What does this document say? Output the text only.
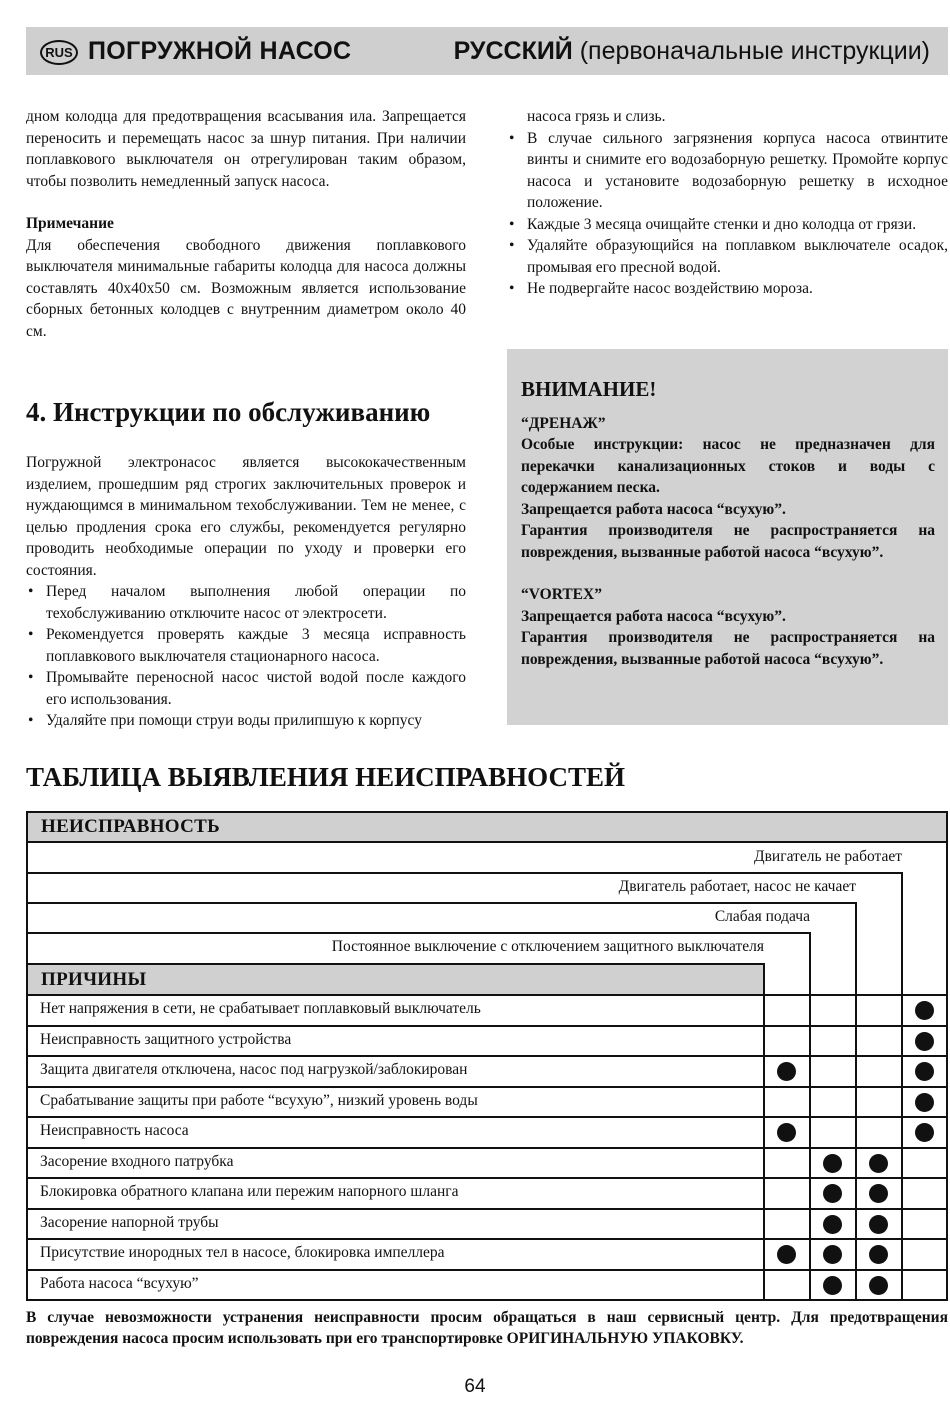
RUS ПОГРУЖНОЙ НАСОС	РУССКИЙ (первоначальные инструкции)

дном колодца для предотвращения всасывания ила. Запрещается переносить и перемещать насос за шнур питания. При наличии поплавкового выключателя он отрегулирован таким образом, чтобы позволить немедленный запуск насоса.

Примечание

Для обеспечения свободного движения поплавкового выключателя минимальные габариты колодца для насоса должны составлять 40x40x50 см. Возможным является использование сборных бетонных колодцев с внутренним диаметром около 40 см.

4. Инструкции по обслуживанию

Погружной электронасос является высококачественным изделием, прошедшим ряд строгих заключительных проверок и нуждающимся в минимальном техобслуживании. Тем не менее, с целью продления срока его службы, рекомендуется регулярно проводить необходимые операции по уходу и проверки его состояния.

• Перед началом выполнения любой операции по техобслуживанию отключите насос от электросети.
• Рекомендуется проверять каждые 3 месяца исправность поплавкового выключателя стационарного насоса.
• Промывайте переносной насос чистой водой после каждого его использования.
• Удаляйте при помощи струи воды прилипшую к корпусу

насоса грязь и слизь.

• В случае сильного загрязнения корпуса насоса отвинтите винты и снимите его водозаборную решетку. Промойте корпус насоса и установите водозаборную решетку в исходное положение.
• Каждые 3 месяца очищайте стенки и дно колодца от грязи.
• Удаляйте образующийся на поплавком выключателе осадок, промывая его пресной водой.
• Не подвергайте насос воздействию мороза.

ВНИМАНИЕ!

“ДРЕНАЖ”

Особые инструкции: насос не предназначен для перекачки канализационных стоков и воды с содержанием песка.

Запрещается работа насоса “всухую”.

Гарантия производителя не распространяется на повреждения, вызванные работой насоса “всухую”.

“VORTEX”

Запрещается работа насоса “всухую”.

Гарантия производителя не распространяется на повреждения, вызванные работой насоса “всухую”.

ТАБЛИЦА ВЫЯВЛЕНИЯ НЕИСПРАВНОСТЕЙ
НЕИСПРАВНОСТЬ
ПРИЧИНЫ
Двигатель не работает
Двигатель работает, насос не качает
Слабая подача
Постоянное выключение с отключением защитного выключателя
Нет напряжения в сети, не срабатывает поплавковый выключатель
Неисправность защитного устройства
Защита двигателя отключена, насос под нагрузкой/заблокирован
Срабатывание защиты при работе “всухую”, низкий уровень воды
Неисправность насоса
Засорение входного патрубка
Блокировка обратного клапана или пережим напорного шланга
Засорение напорной трубы
Присутствие инородных тел в насосе, блокировка импеллера
Работа насоса “всухую”
В случае невозможности устранения неисправности просим обращаться в наш сервисный центр. Для предотвращения повреждения насоса просим использовать при его транспортировке ОРИГИНАЛЬНУЮ УПАКОВКУ.
64
